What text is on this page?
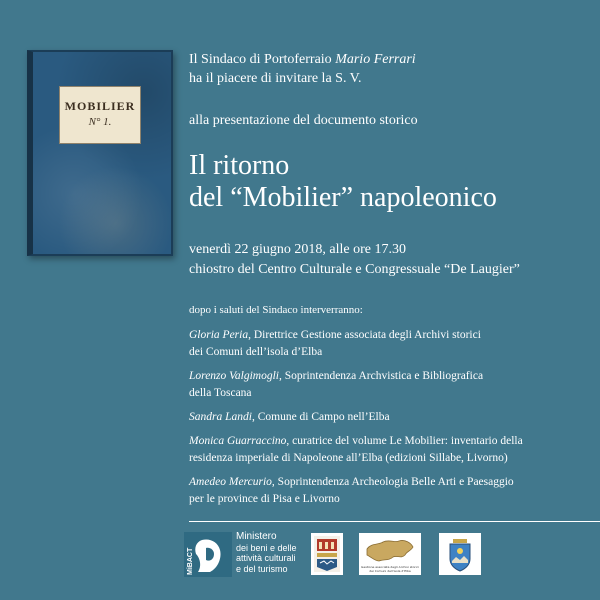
MOBILIER
N° 1.
Il Sindaco di Portoferraio Mario Ferrari
ha il piacere di invitare la S. V.
alla presentazione del documento storico
Il ritorno
del “Mobilier” napoleonico
venerdì 22 giugno 2018, alle ore 17.30
chiostro del Centro Culturale e Congressuale “De Laugier”
dopo i saluti del Sindaco interverranno:
Gloria Peria, Direttrice Gestione associata degli Archivi storici
dei Comuni dell’isola d’Elba
Lorenzo Valgimogli, Soprintendenza Archvistica e Bibliografica
della Toscana
Sandra Landi, Comune di Campo nell’Elba
Monica Guarraccino, curatrice del volume Le Mobilier: inventario della
residenza imperiale di Napoleone all’Elba (edizioni Sillabe, Livorno)
Amedeo Mercurio, Soprintendenza Archeologia Belle Arti e Paesaggio
per le province di Pisa e Livorno
MiBACT
Ministero
dei beni e delle
attività culturali
e del turismo	Gestione associata degli Archivi storici dei Comuni dell’isola d’Elba
